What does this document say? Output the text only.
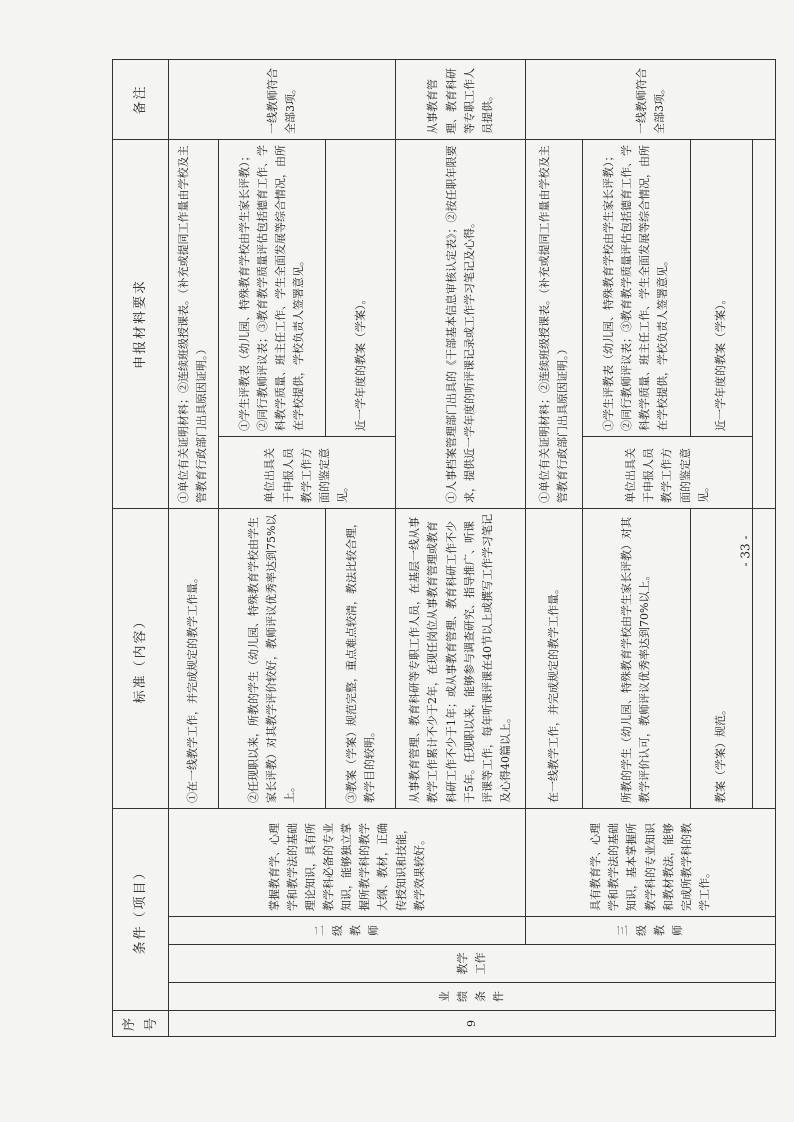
序号	条件（项目）				标准（内容）	申报材料要求		备注
9	业绩条件	教学工作	二级教师	掌握教育学、心理学和教学法的基础理论知识，具有所教学科必备的专业知识，能够独立掌握所教学科的教学大纲、教材，正确传授知识和技能，教学效果较好。	①在一线教学工作，并完成规定的教学工作量。	①单位有关证明材料；②连续班级授课表。（补充或提同工作量由学校及主管教育行政部门出具原因证明。）		一线教师符合全部3项。
					②任现职以来，所教的学生（幼儿园、特殊教育学校由学生家长评教）对其教学评价较好，教师评议优秀率达到75%以上。	单位出具关于申报人员教学工作方面的鉴定意见。	①学生评教表（幼儿园、特殊教育学校由学生家长评教）；②同行教师评议表；③教育教学质量评估包括德育工作、学科教学质量、班主任工作、学生全面发展等综合情况，由所在学校提供，学校负责人签署意见。	
					③教案（学案）规范完整，重点难点较清，教法比较合理，教学目的较明。		近一学年度的教案（学案）。	
					从事教育管理、教育科研等专职工作人员，在基层一线从事教学工作累计不少于2年，在现任岗位从事教育管理或教育科研工作不少于1年；或从事教育管理、教育科研工作不少于5年。任现职以来，能够参与调查研究、指导推广、听课评课等工作，每年听课评课在40节以上或撰写工作学习笔记及心得40篇以上。	①人事档案管理部门出具的《干部基本信息审核认定表》；②按任职年限要求，提供近一学年度的听评课记录或工作学习笔记及心得。		从事教育管理、教育科研等专职工作人员提供。
			三级教师	具有教育学、心理学和教学法的基础知识，基本掌握所教学科的专业知识和教材教法，能够完成所教学科的教学工作。	在一线教学工作，并完成规定的教学工作量。	①单位有关证明材料；②连续班级授课表。（补充或提同工作量由学校及主管教育行政部门出具原因证明。）		一线教师符合全部3项。
					所教的学生（幼儿园、特殊教育学校由学生家长评教）对其教学评价认可，教师评议优秀率达到70%以上。	单位出具关于申报人员教学工作方面的鉴定意见。	①学生评教表（幼儿园、特殊教育学校由学生家长评教）；②同行教师评议表；③教育教学质量评估包括德育工作、学科教学质量、班主任工作、学生全面发展等综合情况，由所在学校提供，学校负责人签署意见。	
					教案（学案）规范。		近一学年度的教案（学案）。	

- 33 -
